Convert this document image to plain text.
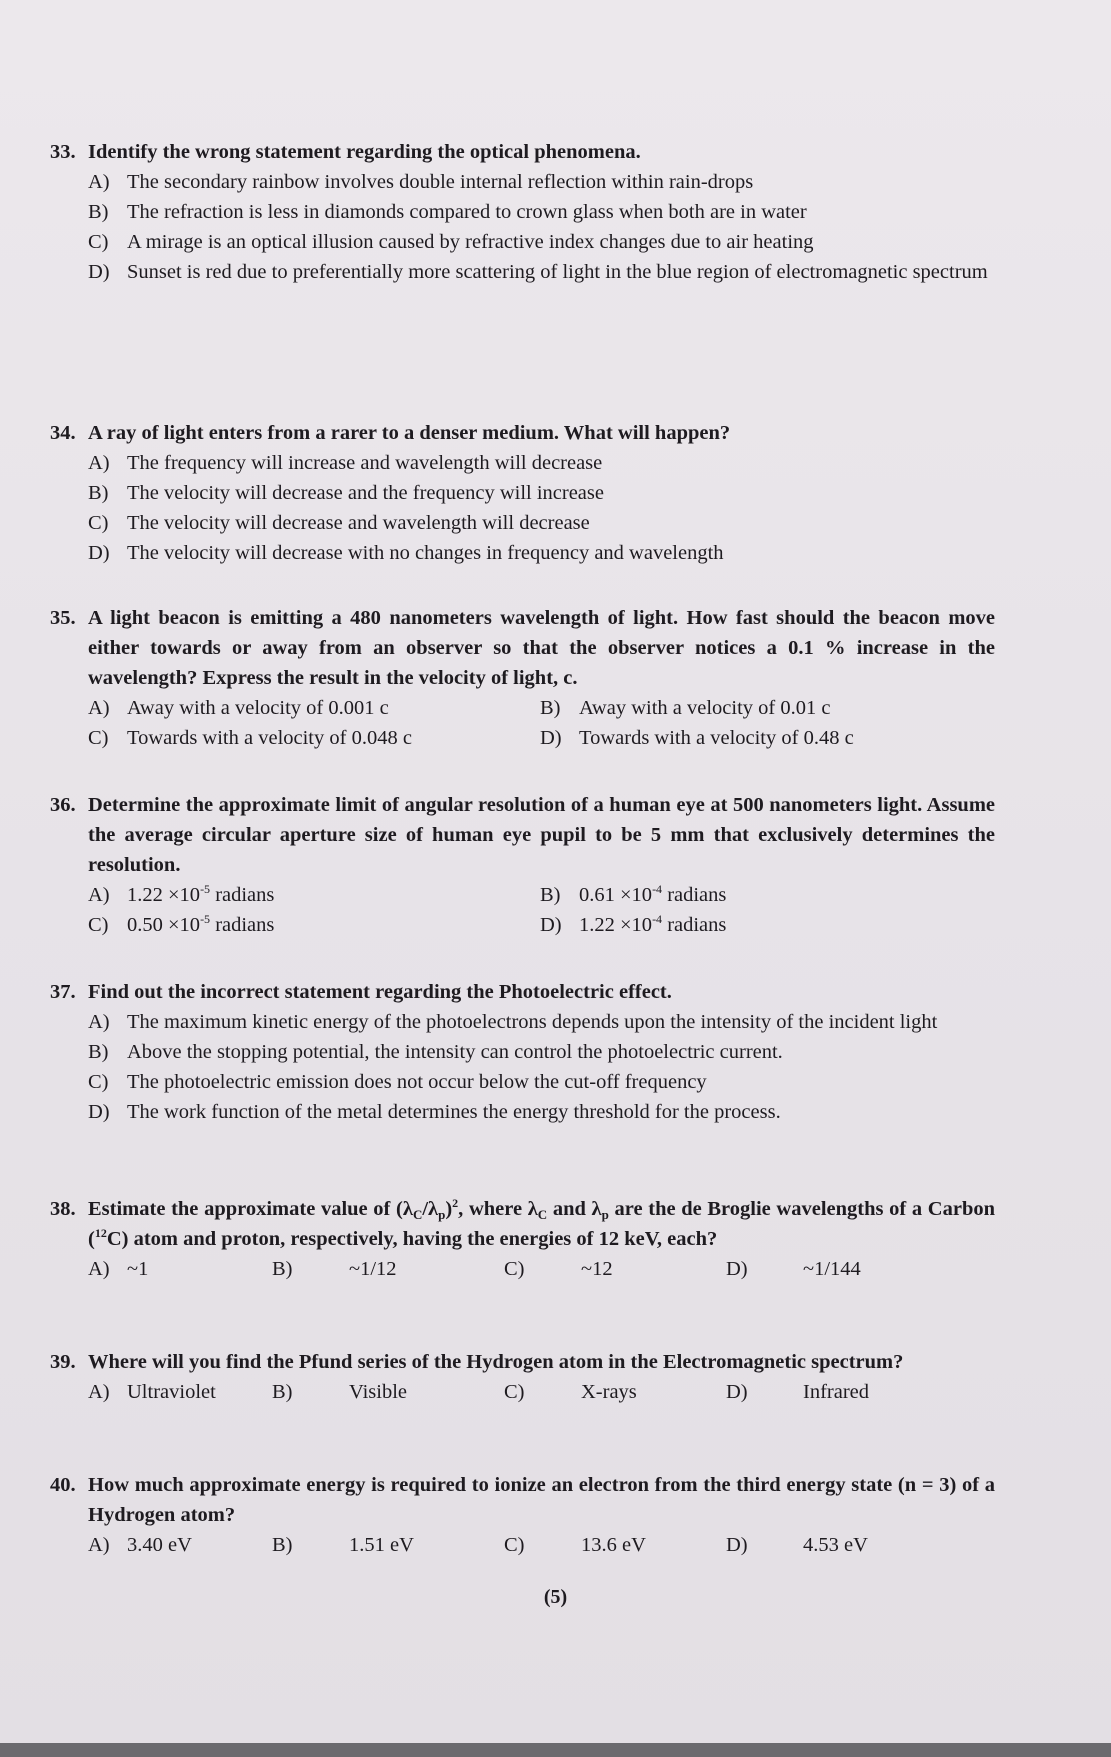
33. Identify the wrong statement regarding the optical phenomena.
A) The secondary rainbow involves double internal reflection within rain-drops
B) The refraction is less in diamonds compared to crown glass when both are in water
C) A mirage is an optical illusion caused by refractive index changes due to air heating
D) Sunset is red due to preferentially more scattering of light in the blue region of electromagnetic spectrum
34. A ray of light enters from a rarer to a denser medium. What will happen?
A) The frequency will increase and wavelength will decrease
B) The velocity will decrease and the frequency will increase
C) The velocity will decrease and wavelength will decrease
D) The velocity will decrease with no changes in frequency and wavelength
35. A light beacon is emitting a 480 nanometers wavelength of light. How fast should the beacon move either towards or away from an observer so that the observer notices a 0.1 % increase in the wavelength? Express the result in the velocity of light, c.
A) Away with a velocity of 0.001 c	B) Away with a velocity of 0.01 c
C) Towards with a velocity of 0.048 c	D) Towards with a velocity of 0.48 c
36. Determine the approximate limit of angular resolution of a human eye at 500 nanometers light. Assume the average circular aperture size of human eye pupil to be 5 mm that exclusively determines the resolution.
A) $1.22 \times 10^{-5}$ radians	B) $0.61 \times 10^{-4}$ radians
C) $0.50 \times 10^{-5}$ radians	D) $1.22 \times 10^{-4}$ radians
37. Find out the incorrect statement regarding the Photoelectric effect.
A) The maximum kinetic energy of the photoelectrons depends upon the intensity of the incident light
B) Above the stopping potential, the intensity can control the photoelectric current.
C) The photoelectric emission does not occur below the cut-off frequency
D) The work function of the metal determines the energy threshold for the process.
38. Estimate the approximate value of $(\lambda_C/\lambda_p)^2$, where $\lambda_C$ and $\lambda_p$ are the de Broglie wavelengths of a Carbon ($^{12}$C) atom and proton, respectively, having the energies of 12 keV, each?
A) ~1	B)	~1/12	C)	~12	D)	~1/144
39. Where will you find the Pfund series of the Hydrogen atom in the Electromagnetic spectrum?
A) Ultraviolet	B)	Visible	C)	X-rays	D)	Infrared
40. How much approximate energy is required to ionize an electron from the third energy state (n = 3) of a Hydrogen atom?
A) 3.40 eV	B)	1.51 eV	C)	13.6 eV	D)	4.53 eV
(5)
